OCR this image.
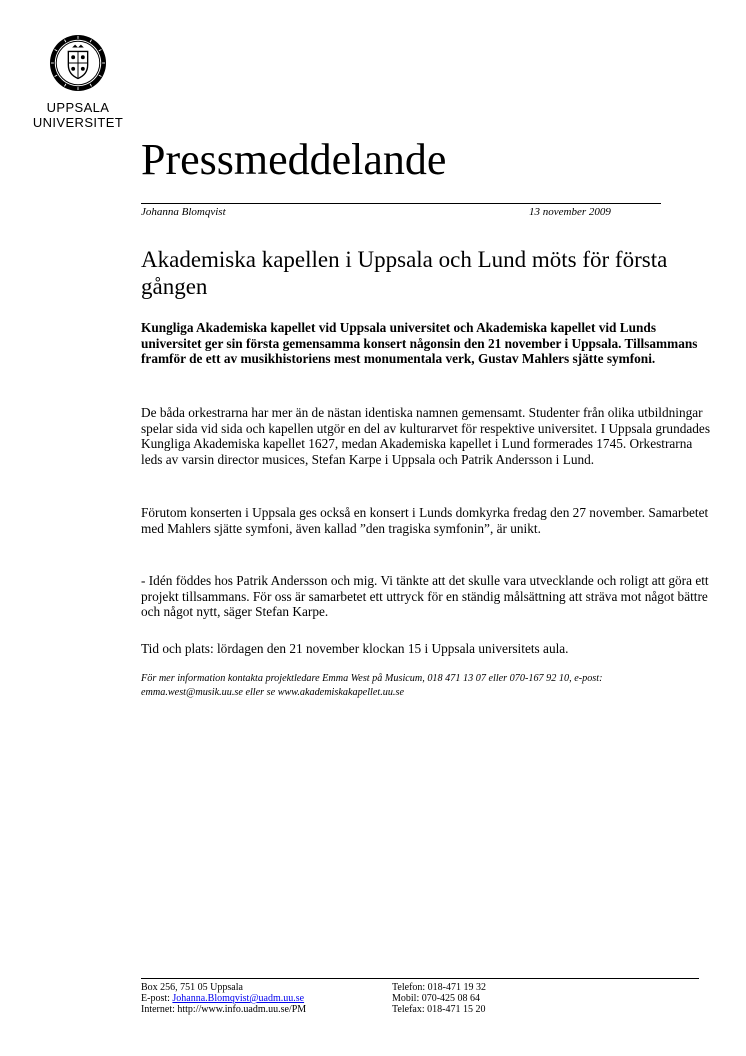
UPPSALA
UNIVERSITET
Pressmeddelande
Johanna Blomqvist	13 november 2009
Akademiska kapellen i Uppsala och Lund möts för första gången
Kungliga Akademiska kapellet vid Uppsala universitet och Akademiska kapellet vid Lunds universitet ger sin första gemensamma konsert någonsin den 21 november i Uppsala. Tillsammans framför de ett av musikhistoriens mest monumentala verk, Gustav Mahlers sjätte symfoni.
De båda orkestrarna har mer än de nästan identiska namnen gemensamt. Studenter från olika utbildningar spelar sida vid sida och kapellen utgör en del av kulturarvet för respektive universitet. I Uppsala grundades Kungliga Akademiska kapellet 1627, medan Akademiska kapellet i Lund formerades 1745. Orkestrarna leds av varsin director musices, Stefan Karpe i Uppsala och Patrik Andersson i Lund.
Förutom konserten i Uppsala ges också en konsert i Lunds domkyrka fredag den 27 november. Samarbetet med Mahlers sjätte symfoni, även kallad ”den tragiska symfonin”, är unikt.
- Idén föddes hos Patrik Andersson och mig. Vi tänkte att det skulle vara utvecklande och roligt att göra ett projekt tillsammans. För oss är samarbetet ett uttryck för en ständig målsättning att sträva mot något bättre och något nytt, säger Stefan Karpe.
Tid och plats: lördagen den 21 november klockan 15 i Uppsala universitets aula.
För mer information kontakta projektledare Emma West på Musicum, 018 471 13 07 eller 070-167 92 10, e-post: emma.west@musik.uu.se eller se www.akademiskakapellet.uu.se
Box 256, 751 05 Uppsala
E-post: Johanna.Blomqvist@uadm.uu.se
Internet: http://www.info.uadm.uu.se/PM
Telefon: 018-471 19 32
Mobil: 070-425 08 64
Telefax: 018-471 15 20
